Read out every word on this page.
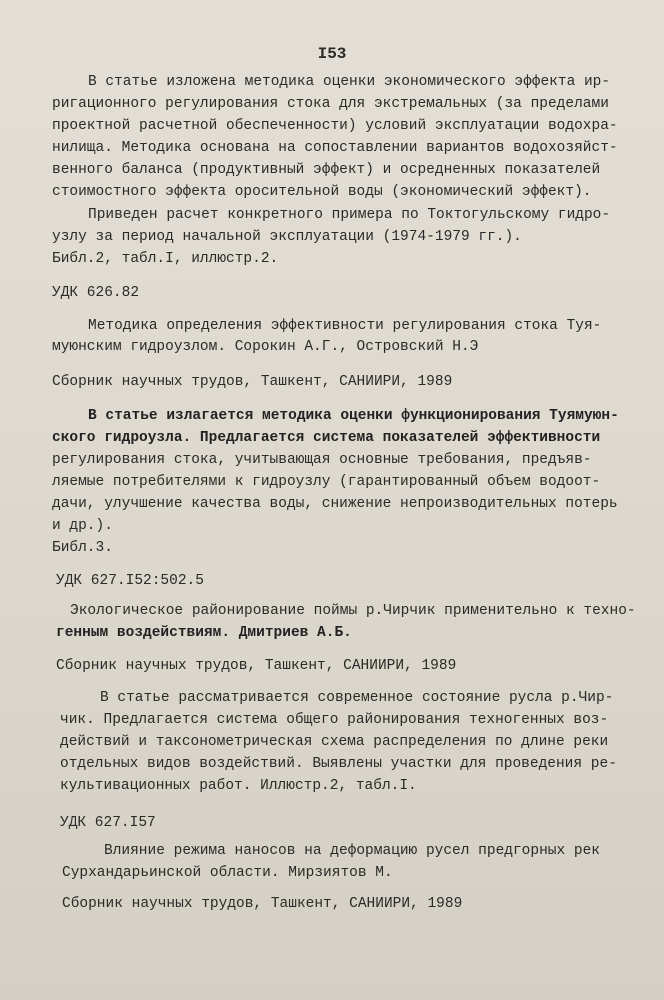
I53
В статье изложена методика оценки экономического эффекта ир-
ригационного регулирования стока для экстремальных (за пределами
проектной расчетной обеспеченности) условий эксплуатации водохра-
нилища. Методика основана на сопоставлении вариантов водохозяйст-
венного баланса (продуктивный эффект) и осредненных показателей
стоимостного эффекта оросительной воды (экономический эффект).
Приведен расчет конкретного примера по Токтогульскому гидро-
узлу за период начальной эксплуатации (1974-1979 гг.).
Библ.2, табл.I, иллюстр.2.
УДК 626.82
Методика определения эффективности регулирования стока Туя-
муюнским гидроузлом. Сорокин А.Г., Островский Н.Э
Сборник научных трудов, Ташкент, САНИИРИ, 1989
В статье излагается методика оценки функционирования Туямуюн-
ского гидроузла. Предлагается система показателей эффективности
регулирования стока, учитывающая основные требования, предъяв-
ляемые потребителями к гидроузлу (гарантированный объем водоот-
дачи, улучшение качества воды, снижение непроизводительных потерь
и др.).
Библ.3.
УДК 627.I52:502.5
Экологическое районирование поймы р.Чирчик применительно к техно-
генным воздействиям. Дмитриев А.Б.
Сборник научных трудов, Ташкент, САНИИРИ, 1989
В статье рассматривается современное состояние русла р.Чир-
чик. Предлагается система общего районирования техногенных воз-
действий и таксонометрическая схема распределения по длине реки
отдельных видов воздействий. Выявлены участки для проведения ре-
культивационных работ. Иллюстр.2, табл.I.
УДК 627.I57
Влияние режима наносов на деформацию русел предгорных рек
Сурхандарьинской области. Мирзиятов М.
Сборник научных трудов, Ташкент, САНИИРИ, 1989
